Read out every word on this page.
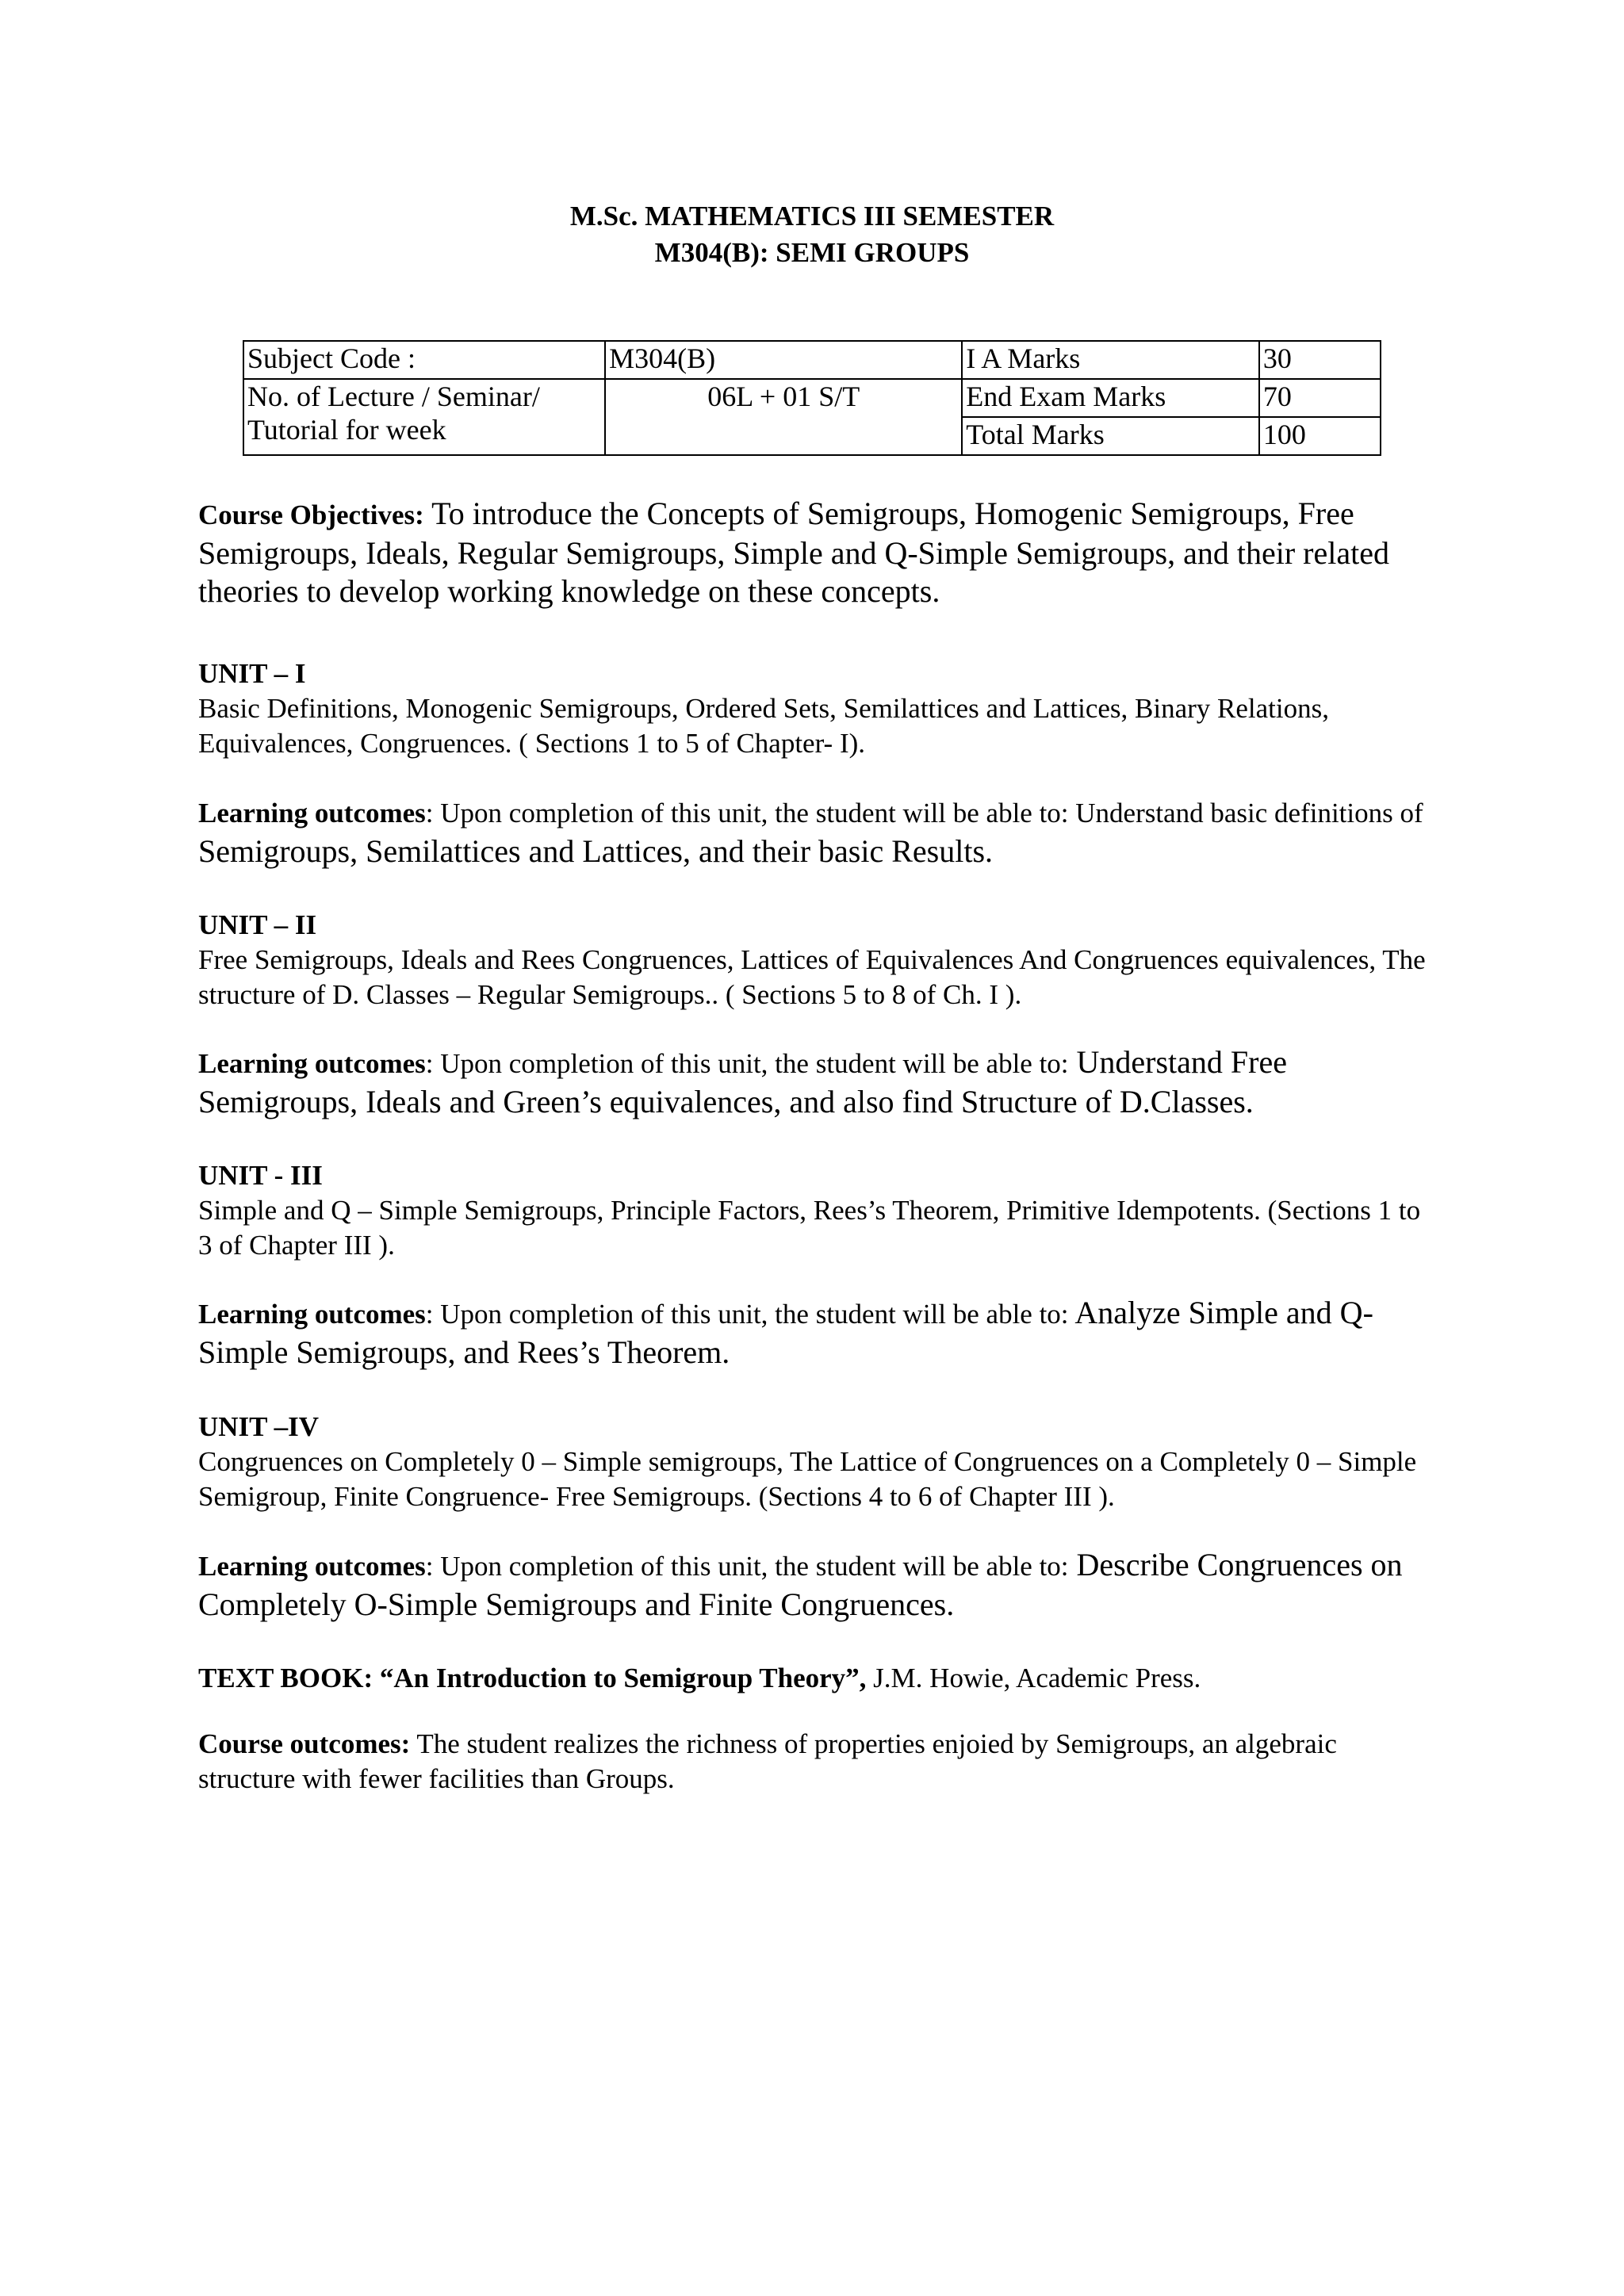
M.Sc. MATHEMATICS III SEMESTER
M304(B): SEMI GROUPS
Subject Code :	M304(B)	I A Marks	30

No. of Lecture / Seminar/
Tutorial for week	06L + 01 S/T	End Exam Marks	70
		Total Marks	100
Course Objectives: To introduce the Concepts of Semigroups, Homogenic Semigroups, Free Semigroups, Ideals, Regular Semigroups, Simple and Q-Simple Semigroups, and their related theories to develop working knowledge on these concepts.
UNIT – I
Basic Definitions, Monogenic Semigroups, Ordered Sets, Semilattices and Lattices, Binary Relations, Equivalences, Congruences. ( Sections 1 to 5 of Chapter- I).
Learning outcomes: Upon completion of this unit, the student will be able to: Understand basic definitions of Semigroups, Semilattices and Lattices, and their basic Results.
UNIT – II
Free Semigroups, Ideals and Rees Congruences, Lattices of Equivalences And Congruences equivalences, The structure of D. Classes – Regular Semigroups.. ( Sections 5 to 8 of Ch. I ).
Learning outcomes: Upon completion of this unit, the student will be able to: Understand Free Semigroups, Ideals and Green’s equivalences, and also find Structure of D.Classes.
UNIT - III
Simple and Q – Simple Semigroups, Principle Factors, Rees’s Theorem, Primitive Idempotents. (Sections 1 to 3 of Chapter III ).
Learning outcomes: Upon completion of this unit, the student will be able to: Analyze Simple and Q-Simple Semigroups, and Rees’s Theorem.
UNIT –IV
Congruences on Completely 0 – Simple semigroups, The Lattice of Congruences on a Completely 0 – Simple Semigroup, Finite Congruence- Free Semigroups. (Sections 4 to 6 of Chapter III ).
Learning outcomes: Upon completion of this unit, the student will be able to: Describe Congruences on Completely O-Simple Semigroups and Finite Congruences.
TEXT BOOK: “An Introduction to Semigroup Theory”, J.M. Howie, Academic Press.
Course outcomes: The student realizes the richness of properties enjoied by Semigroups, an algebraic structure with fewer facilities than Groups.
